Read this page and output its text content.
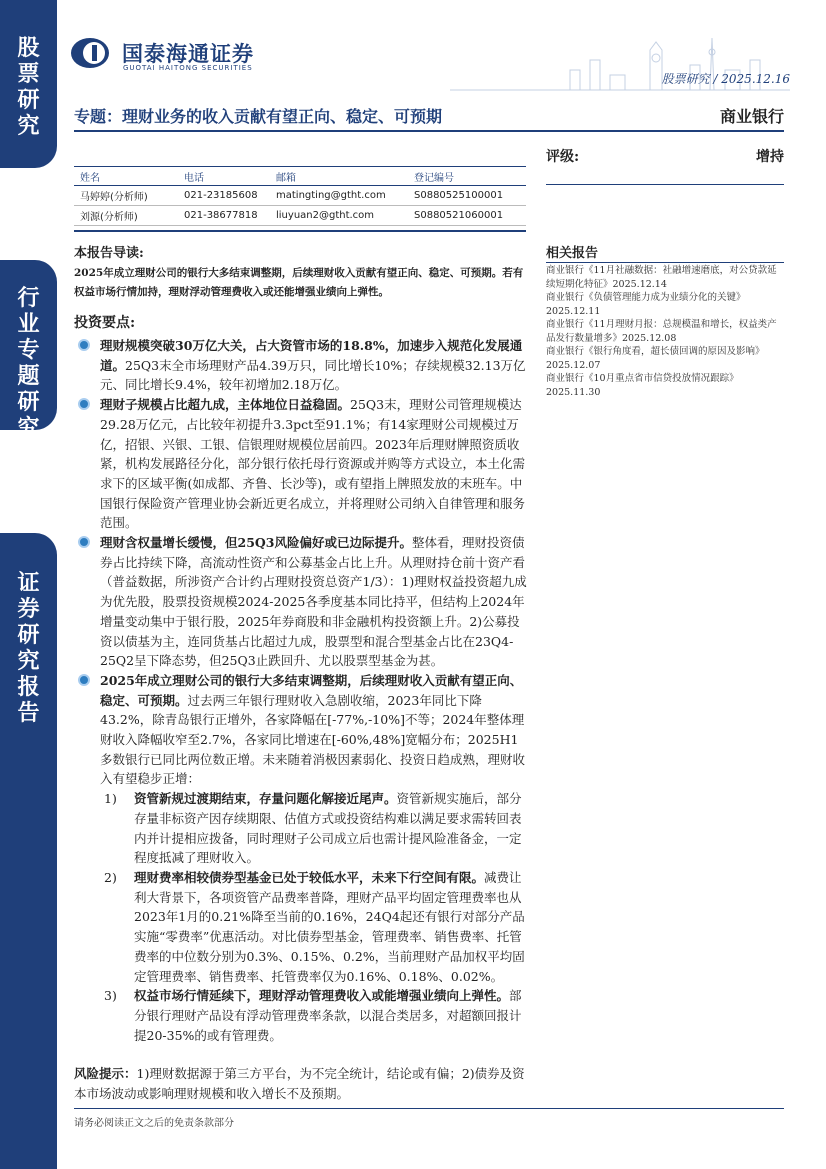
股
票
研
究
行
业
专
题
研
究
证
券
研
究
报
告
国泰海通证券
GUOTAI HAITONG SECURITIES
股票研究 / 2025.12.16
专题：理财业务的收入贡献有望正向、稳定、可预期	商业银行
评级:	增持
姓名	电话	邮箱	登记编号
马婷婷(分析师)	021-23185608	matingting@gtht.com	S0880525100001
刘源(分析师)	021-38677818	liuyuan2@gtht.com	S0880521060001
本报告导读:
2025年成立理财公司的银行大多结束调整期，后续理财收入贡献有望正向、稳定、可预期。若有权益市场行情加持，理财浮动管理费收入或还能增强业绩向上弹性。
相关报告
商业银行《11月社融数据：社融增速磨底，对公贷款延续短期化特征》2025.12.14
商业银行《负债管理能力成为业绩分化的关键》2025.12.11
商业银行《11月理财月报：总规模温和增长，权益类产品发行数量增多》2025.12.08
商业银行《银行角度看，超长债回调的原因及影响》2025.12.07
商业银行《10月重点省市信贷投放情况跟踪》2025.11.30
投资要点:
理财规模突破30万亿大关，占大资管市场的18.8%，加速步入规范化发展通道。25Q3末全市场理财产品4.39万只，同比增长10%；存续规模32.13万亿元、同比增长9.4%，较年初增加2.18万亿。
理财子规模占比超九成，主体地位日益稳固。25Q3末，理财公司管理规模达29.28万亿元，占比较年初提升3.3pct至91.1%；有14家理财公司规模过万亿，招银、兴银、工银、信银理财规模位居前四。2023年后理财牌照资质收紧，机构发展路径分化，部分银行依托母行资源或并购等方式设立，本土化需求下的区域平衡(如成都、齐鲁、长沙等)，或有望指上牌照发放的末班车。中国银行保险资产管理业协会新近更名成立，并将理财公司纳入自律管理和服务范围。
理财含权量增长缓慢，但25Q3风险偏好或已边际提升。整体看，理财投资债券占比持续下降，高流动性资产和公募基金占比上升。从理财持仓前十资产看（普益数据，所涉资产合计约占理财投资总资产1/3）：1)理财权益投资超九成为优先股，股票投资规模2024-2025各季度基本同比持平，但结构上2024年增量变动集中于银行股，2025年券商股和非金融机构投资额上升。2)公募投资以债基为主，连同货基占比超过九成，股票型和混合型基金占比在23Q4-25Q2呈下降态势，但25Q3止跌回升、尤以股票型基金为甚。
2025年成立理财公司的银行大多结束调整期，后续理财收入贡献有望正向、稳定、可预期。过去两三年银行理财收入急剧收缩，2023年同比下降43.2%，除青岛银行正增外，各家降幅在[-77%,-10%]不等；2024年整体理财收入降幅收窄至2.7%，各家同比增速在[-60%,48%]宽幅分布；2025H1多数银行已同比两位数正增。未来随着消极因素弱化、投资日趋成熟，理财收入有望稳步正增：
1) 资管新规过渡期结束，存量问题化解接近尾声。资管新规实施后，部分存量非标资产因存续期限、估值方式或投资结构难以满足要求需转回表内并计提相应拨备，同时理财子公司成立后也需计提风险准备金，一定程度抵减了理财收入。
2) 理财费率相较债券型基金已处于较低水平，未来下行空间有限。减费让利大背景下，各项资管产品费率普降，理财产品平均固定管理费率也从2023年1月的0.21%降至当前的0.16%，24Q4起还有银行对部分产品实施“零费率”优惠活动。对比债券型基金，管理费率、销售费率、托管费率的中位数分别为0.3%、0.15%、0.2%，当前理财产品加权平均固定管理费率、销售费率、托管费率仅为0.16%、0.18%、0.02%。
3) 权益市场行情延续下，理财浮动管理费收入或能增强业绩向上弹性。部分银行理财产品设有浮动管理费率条款，以混合类居多，对超额回报计提20-35%的或有管理费。
风险提示：1)理财数据源于第三方平台，为不完全统计，结论或有偏；2)债券及资本市场波动或影响理财规模和收入增长不及预期。
请务必阅读正文之后的免责条款部分
